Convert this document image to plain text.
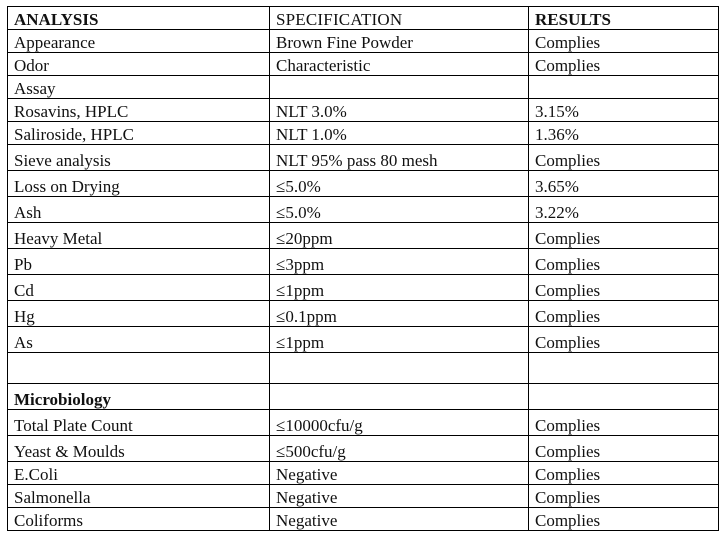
ANALYSIS	SPECIFICATION	RESULTS
Appearance	Brown Fine Powder	Complies
Odor	Characteristic	Complies
Assay		
Rosavins, HPLC	NLT 3.0%	3.15%
Saliroside, HPLC	NLT 1.0%	1.36%
Sieve analysis	NLT 95% pass 80 mesh	Complies
Loss on Drying	≤5.0%	3.65%
Ash	≤5.0%	3.22%
Heavy Metal	≤20ppm	Complies
Pb	≤3ppm	Complies
Cd	≤1ppm	Complies
Hg	≤0.1ppm	Complies
As	≤1ppm	Complies

Microbiology		
Total Plate Count	≤10000cfu/g	Complies
Yeast & Moulds	≤500cfu/g	Complies
E.Coli	Negative	Complies
Salmonella	Negative	Complies
Coliforms	Negative	Complies
